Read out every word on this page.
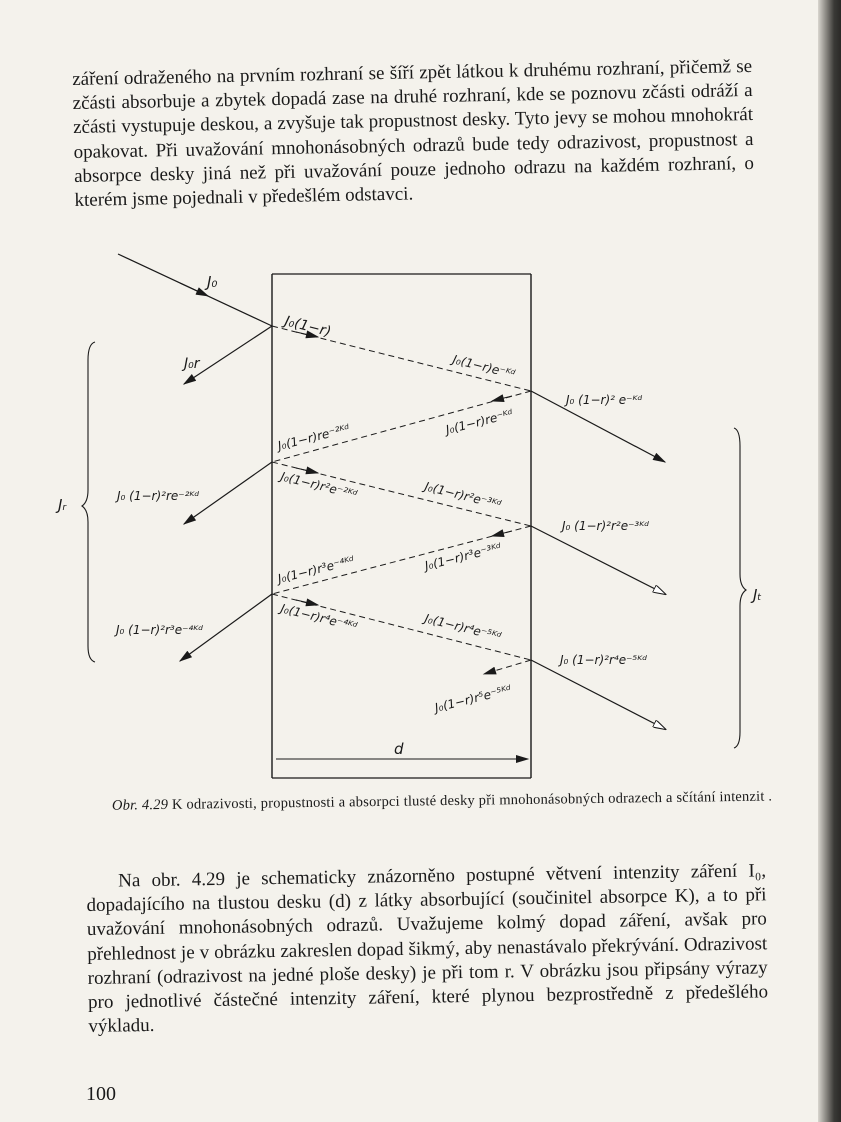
záření odraženého na prvním rozhraní se šíří zpět látkou k druhému rozhraní, přičemž se zčásti absorbuje a zbytek dopadá zase na druhé rozhraní, kde se poznovu zčásti odráží a zčásti vystupuje deskou, a zvyšuje tak propustnost desky. Tyto jevy se mohou mnohokrát opakovat. Při uvažování mnohonásobných odrazů bude tedy odrazivost, propustnost a absorpce desky jiná než při uvažování pouze jednoho odrazu na každém rozhraní, o kterém jsme pojednali v předešlém odstavci.

J₀
J₀(1−r)
J₀r	J₀(1−r)e⁻ᴷᵈ
J₀(1−r)re⁻ᴷᵈ
J₀ (1−r)² e⁻ᴷᵈ
J₀(1−r)re⁻²ᴷᵈ
J₀ (1−r)²re⁻²ᴷᵈ	J₀(1−r)r²e⁻²ᴷᵈ	J₀(1−r)r²e⁻³ᴷᵈ
J₀ (1−r)²r²e⁻³ᴷᵈ
J₀(1−r)r³e⁻³ᴷᵈ
J₀(1−r)r³e⁻⁴ᴷᵈ
J₀ (1−r)²r³e⁻⁴ᴷᵈ	J₀(1−r)r⁴e⁻⁴ᴷᵈ	J₀(1−r)r⁴e⁻⁵ᴷᵈ
J₀ (1−r)²r⁴e⁻⁵ᴷᵈ
J₀(1−r)r⁵e⁻⁵ᴷᵈ
Jᵣ
Jₜ
d

Obr. 4.29 K odrazivosti, propustnosti a absorpci tlusté desky při mnohonásobných odrazech a sčítání intenzit .

Na obr. 4.29 je schematicky znázorněno postupné větvení intenzity záření I₀, dopadajícího na tlustou desku (d) z látky absorbující (součinitel absorpce K), a to při uvažování mnohonásobných odrazů. Uvažujeme kolmý dopad záření, avšak pro přehlednost je v obrázku zakreslen dopad šikmý, aby nenastávalo překrývání. Odrazivost rozhraní (odrazivost na jedné ploše desky) je při tom r. V obrázku jsou připsány výrazy pro jednotlivé částečné intenzity záření, které plynou bezprostředně z předešlého výkladu.

100
